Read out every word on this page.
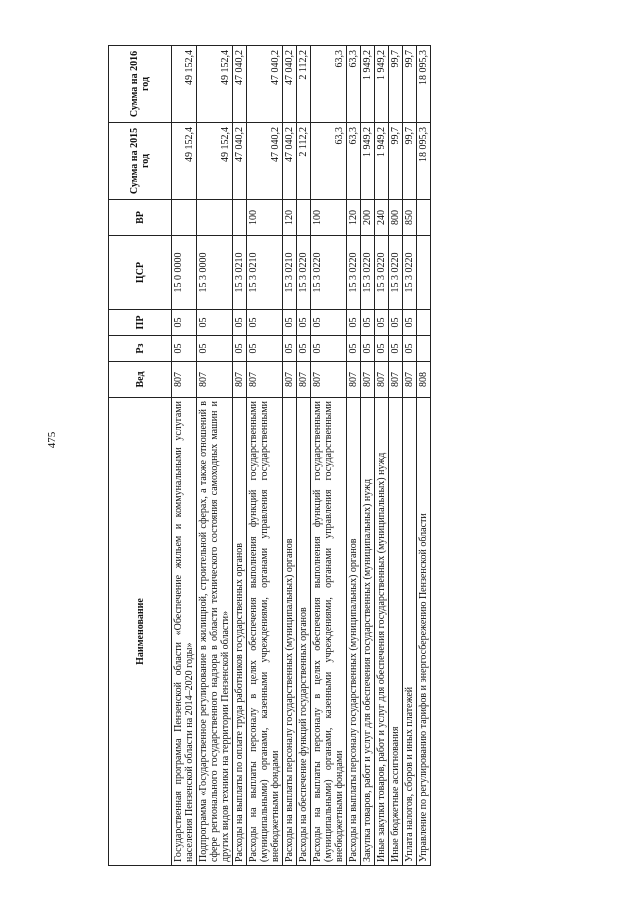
475
Наименование	Вед	Рз	ПР	ЦСР	ВР	Сумма на 2015 год	Сумма на 2016 год
Государственная программа Пензенской области «Обеспечение жильем и коммунальными услугами населения Пензенской области на 2014–2020 годы»	807	05	05	15 0 0000		49 152,4	49 152,4
Подпрограмма «Государственное регулирование в жилищной, строительной сферах, а также отношений в сфере регионального государственного надзора в области технического состояния самоходных машин и других видов техники на территории Пензенской области»	807	05	05	15 3 0000		49 152,4	49 152,4
Расходы на выплаты по оплате труда работников государственных органов	807	05	05	15 3 0210		47 040,2	47 040,2
Расходы на выплаты персоналу в целях обеспечения выполнения функций государственными (муниципальными) органами, казенными учреждениями, органами управления государственными внебюджетными фондами	807	05	05	15 3 0210	100	47 040,2	47 040,2
Расходы на выплаты персоналу государственных (муниципальных) органов	807	05	05	15 3 0210	120	47 040,2	47 040,2
Расходы на обеспечение функций государственных органов	807	05	05	15 3 0220		2 112,2	2 112,2
Расходы на выплаты персоналу в целях обеспечения выполнения функций государственными (муниципальными) органами, казенными учреждениями, органами управления государственными внебюджетными фондами	807	05	05	15 3 0220	100	63,3	63,3
Расходы на выплаты персоналу государственных (муниципальных) органов	807	05	05	15 3 0220	120	63,3	63,3
Закупка товаров, работ и услуг для обеспечения государственных (муниципальных) нужд	807	05	05	15 3 0220	200	1 949,2	1 949,2
Иные закупки товаров, работ и услуг для обеспечения государственных (муниципальных) нужд	807	05	05	15 3 0220	240	1 949,2	1 949,2
Иные бюджетные ассигнования	807	05	05	15 3 0220	800	99,7	99,7
Уплата налогов, сборов и иных платежей	807	05	05	15 3 0220	850	99,7	99,7
Управление по регулированию тарифов и энергосбережению Пензенской области	808					18 095,3	18 095,3
